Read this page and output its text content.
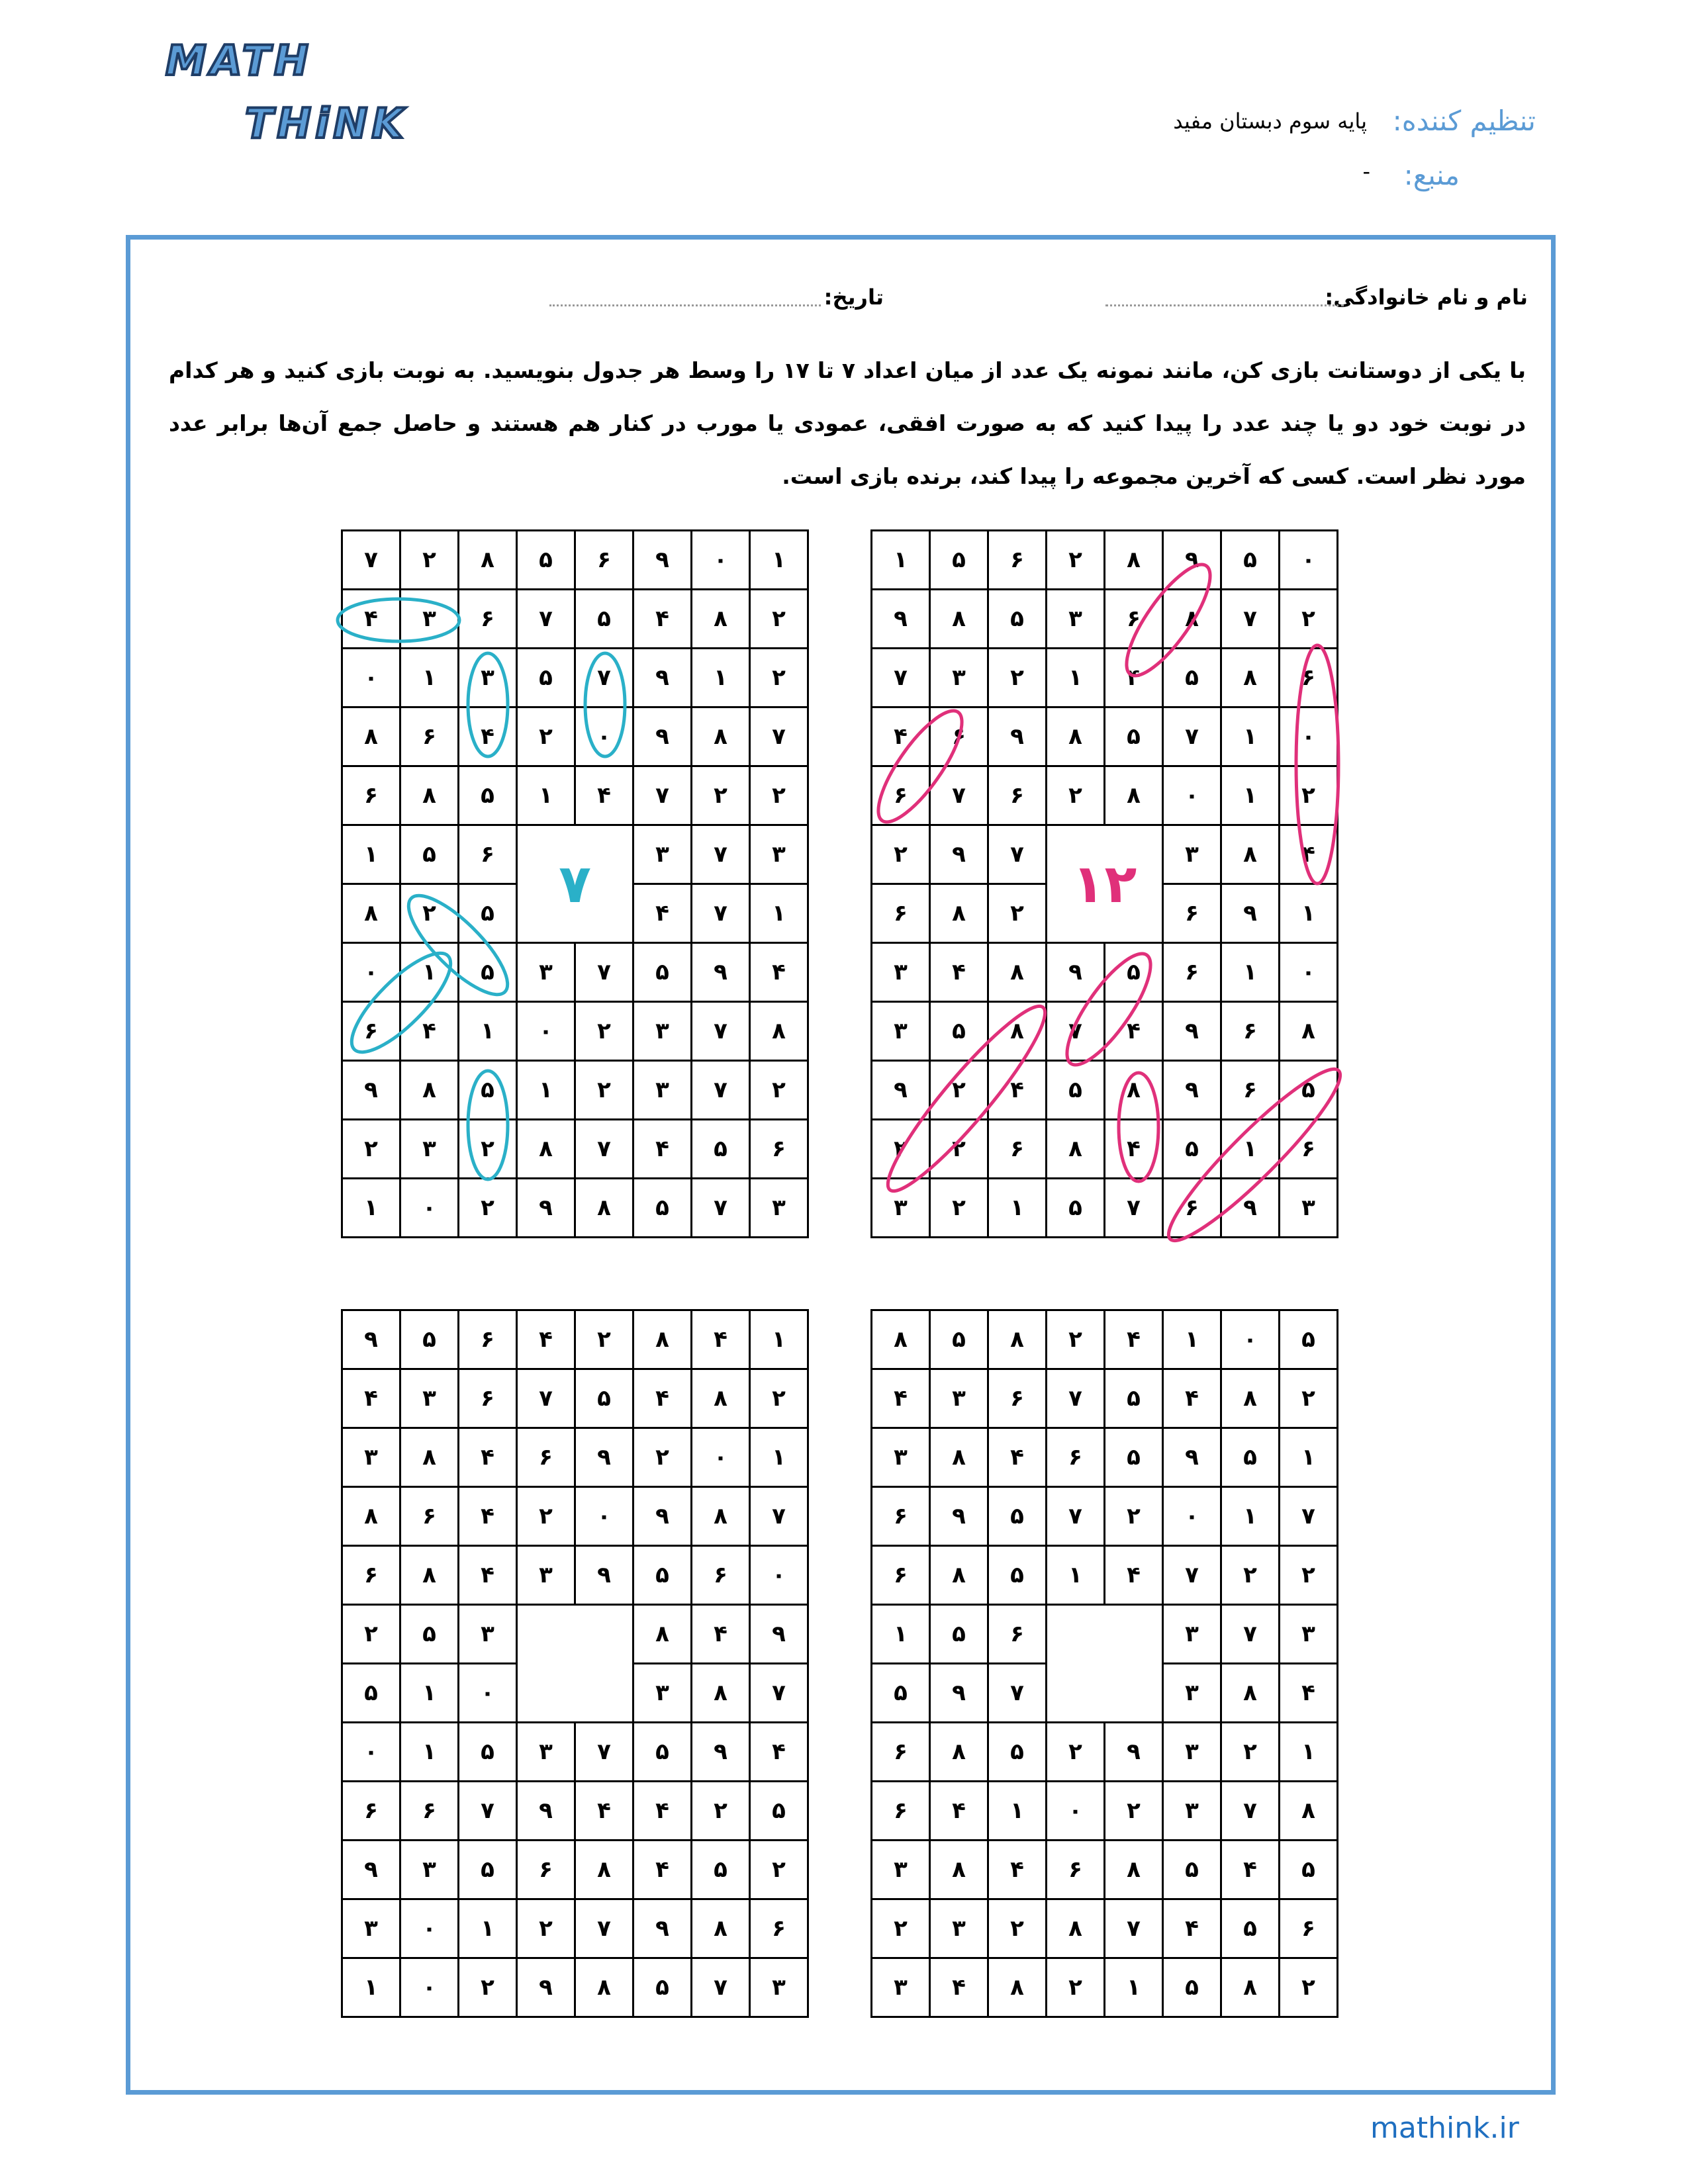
MATH
THiNK	تنظیم کننده:
پایه سوم دبستان مفید
منبع:
-
نام و نام خانوادگی:
تاریخ:
با یکی از دوستانت بازی کن، مانند نمونه یک عدد از میان اعداد ۷ تا ۱۷ را وسط هر جدول بنویسید. به نوبت بازی کنید و هر کدام در نوبت خود دو یا چند عدد را پیدا کنید که به صورت افقی، عمودی یا مورب در کنار هم هستند و حاصل جمع آن‌ها برابر عدد مورد نظر است. کسی که آخرین مجموعه را پیدا کند، برنده بازی است.
۰	۵	۹	۸	۲	۶	۵	۱
۲	۷	۸	۶	۳	۵	۸	۹
۶	۸	۵	۴	۱	۲	۳	۷
۰	۱	۷	۵	۸	۹	۶	۴
۲	۱	۰	۸	۲	۶	۷	۶
۴	۸	۳	۱۲		۷	۹	۲
۱	۹	۶			۲	۸	۶
۰	۱	۶	۵	۹	۸	۴	۳
۸	۶	۹	۴	۷	۸	۵	۳
۵	۶	۹	۸	۵	۴	۲	۹
۶	۱	۵	۴	۸	۶	۲	۲
۳	۹	۶	۷	۵	۱	۲	۳
۱	۰	۹	۶	۵	۸	۲	۷
۲	۸	۴	۵	۷	۶	۳	۴
۲	۱	۹	۷	۵	۳	۱	۰
۷	۸	۹	۰	۲	۴	۶	۸
۲	۲	۷	۴	۱	۵	۸	۶
۳	۷	۳	۷		۶	۵	۱
۱	۷	۴			۵	۲	۸
۴	۹	۵	۷	۳	۵	۱	۰
۸	۷	۳	۲	۰	۱	۴	۶
۲	۷	۳	۲	۱	۵	۸	۹
۶	۵	۴	۷	۸	۲	۳	۲
۳	۷	۵	۸	۹	۲	۰	۱
۵	۰	۱	۴	۲	۸	۵	۸
۲	۸	۴	۵	۷	۶	۳	۴
۱	۵	۹	۵	۶	۴	۸	۳
۷	۱	۰	۲	۷	۵	۹	۶
۲	۲	۷	۴	۱	۵	۸	۶
۳	۷	۳			۶	۵	۱
۴	۸	۳			۷	۹	۵
۱	۲	۳	۹	۲	۵	۸	۶
۸	۷	۳	۲	۰	۱	۴	۶
۵	۴	۵	۸	۶	۴	۸	۳
۶	۵	۴	۷	۸	۲	۳	۲
۲	۸	۵	۱	۲	۸	۴	۳
۱	۴	۸	۲	۴	۶	۵	۹
۲	۸	۴	۵	۷	۶	۳	۴
۱	۰	۲	۹	۶	۴	۸	۳
۷	۸	۹	۰	۲	۴	۶	۸
۰	۶	۵	۹	۳	۴	۸	۶
۹	۴	۸			۳	۵	۲
۷	۸	۳			۰	۱	۵
۴	۹	۵	۷	۳	۵	۱	۰
۵	۲	۴	۴	۹	۷	۶	۶
۲	۵	۴	۸	۶	۵	۳	۹
۶	۸	۹	۷	۲	۱	۰	۳
۳	۷	۵	۸	۹	۲	۰	۱
mathink.ir
